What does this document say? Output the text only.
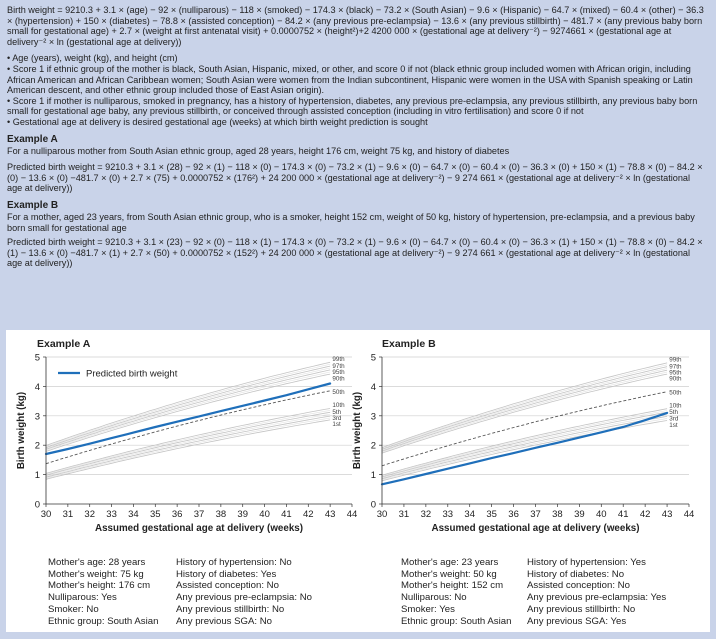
Birth weight = 9210.3 + 3.1 × (age) − 92 × (nulliparous) − 118 × (smoked) − 174.3 × (black) − 73.2 × (South Asian) − 9.6 × (Hispanic) − 64.7 × (mixed) − 60.4 × (other) − 36.3 × (hypertension) + 150 × (diabetes) − 78.8 × (assisted conception) − 84.2 × (any previous pre-eclampsia) − 13.6 × (any previous stillbirth) − 481.7 × (any previous baby born small for gestational age) + 2.7 × (weight at first antenatal visit) + 0.0000752 × (height²)+2 4200 000 × (gestational age at delivery⁻²) − 9274661 × (gestational age at delivery⁻² × ln (gestational age at delivery))

• Age (years), weight (kg), and height (cm)

• Score 1 if ethnic group of the mother is black, South Asian, Hispanic, mixed, or other, and score 0 if not (black ethnic group included women with African origin, including African American and African Caribbean women; South Asian were women from the Indian subcontinent, Hispanic were women in the USA with Spanish speaking or Latin American descent, and other ethnic group included those of East Asian origin).

• Score 1 if mother is nulliparous, smoked in pregnancy, has a history of hypertension, diabetes, any previous pre-eclampsia, any previous stillbirth, any previous baby born small for gestational age baby, any previous stillbirth, or conceived through assisted conception (including in vitro fertilisation) and score 0 if not

• Gestational age at delivery is desired gestational age (weeks) at which birth weight prediction is sought

Example A

For a nulliparous mother from South Asian ethnic group, aged 28 years, height 176 cm, weight 75 kg, and history of diabetes

Predicted birth weight = 9210.3 + 3.1 × (28) − 92 × (1) − 118 × (0) − 174.3 × (0) − 73.2 × (1) − 9.6 × (0) − 64.7 × (0) − 60.4 × (0) − 36.3 × (0) + 150 × (1) − 78.8 × (0) − 84.2 × (0) − 13.6 × (0) −481.7 × (0) + 2.7 × (75) + 0.0000752 × (176²) + 24 200 000 × (gestational age at delivery⁻²) − 9 274 661 × (gestational age at delivery⁻² × ln (gestational age at delivery))

Example B

For a mother, aged 23 years, from South Asian ethnic group, who is a smoker, height 152 cm, weight of 50 kg, history of hypertension, pre-eclampsia, and a previous baby born small for gestational age

Predicted birth weight = 9210.3 + 3.1 × (23) − 92 × (0) − 118 × (1) − 174.3 × (0) − 73.2 × (1) − 9.6 × (0) − 64.7 × (0) − 60.4 × (0) − 36.3 × (1) + 150 × (1) − 78.8 × (0) − 84.2 × (1) − 13.6 × (0) −481.7 × (1) + 2.7 × (50) + 0.0000752 × (152²) + 24 200 000 × (gestational age at delivery⁻²) − 9 274 661 × (gestational age at delivery⁻² × ln (gestational age at delivery))

Example A
99th
97th
95th
90th
50th
10th
5th
3rd
1st
30 31 32 33 34 35 36 37 38 39 40 41 42 43 44
0
1
2
3
4
5
Assumed gestational age at delivery (weeks)
Birth weight (kg)
Predicted birth weight
Example B
99th
97th
95th
90th
50th
10th
5th
3rd
1st
30 31 32 33 34 35 36 37 38 39 40 41 42 43 44
0
1
2
3
4
5
Assumed gestational age at delivery (weeks)
Birth weight (kg)
Mother's age: 28 years
Mother's weight: 75 kg
Mother's height: 176 cm
Nulliparous: Yes
Smoker: No
Ethnic group: South Asian
History of hypertension: No
History of diabetes: Yes
Assisted conception: No
Any previous pre-eclampsia: No
Any previous stillbirth: No
Any previous SGA: No
Mother's age: 23 years
Mother's weight: 50 kg
Mother's height: 152 cm
Nulliparous: No
Smoker: Yes
Ethnic group: South Asian
History of hypertension: Yes
History of diabetes: No
Assisted conception: No
Any previous pre-eclampsia: Yes
Any previous stillbirth: No
Any previous SGA: Yes
